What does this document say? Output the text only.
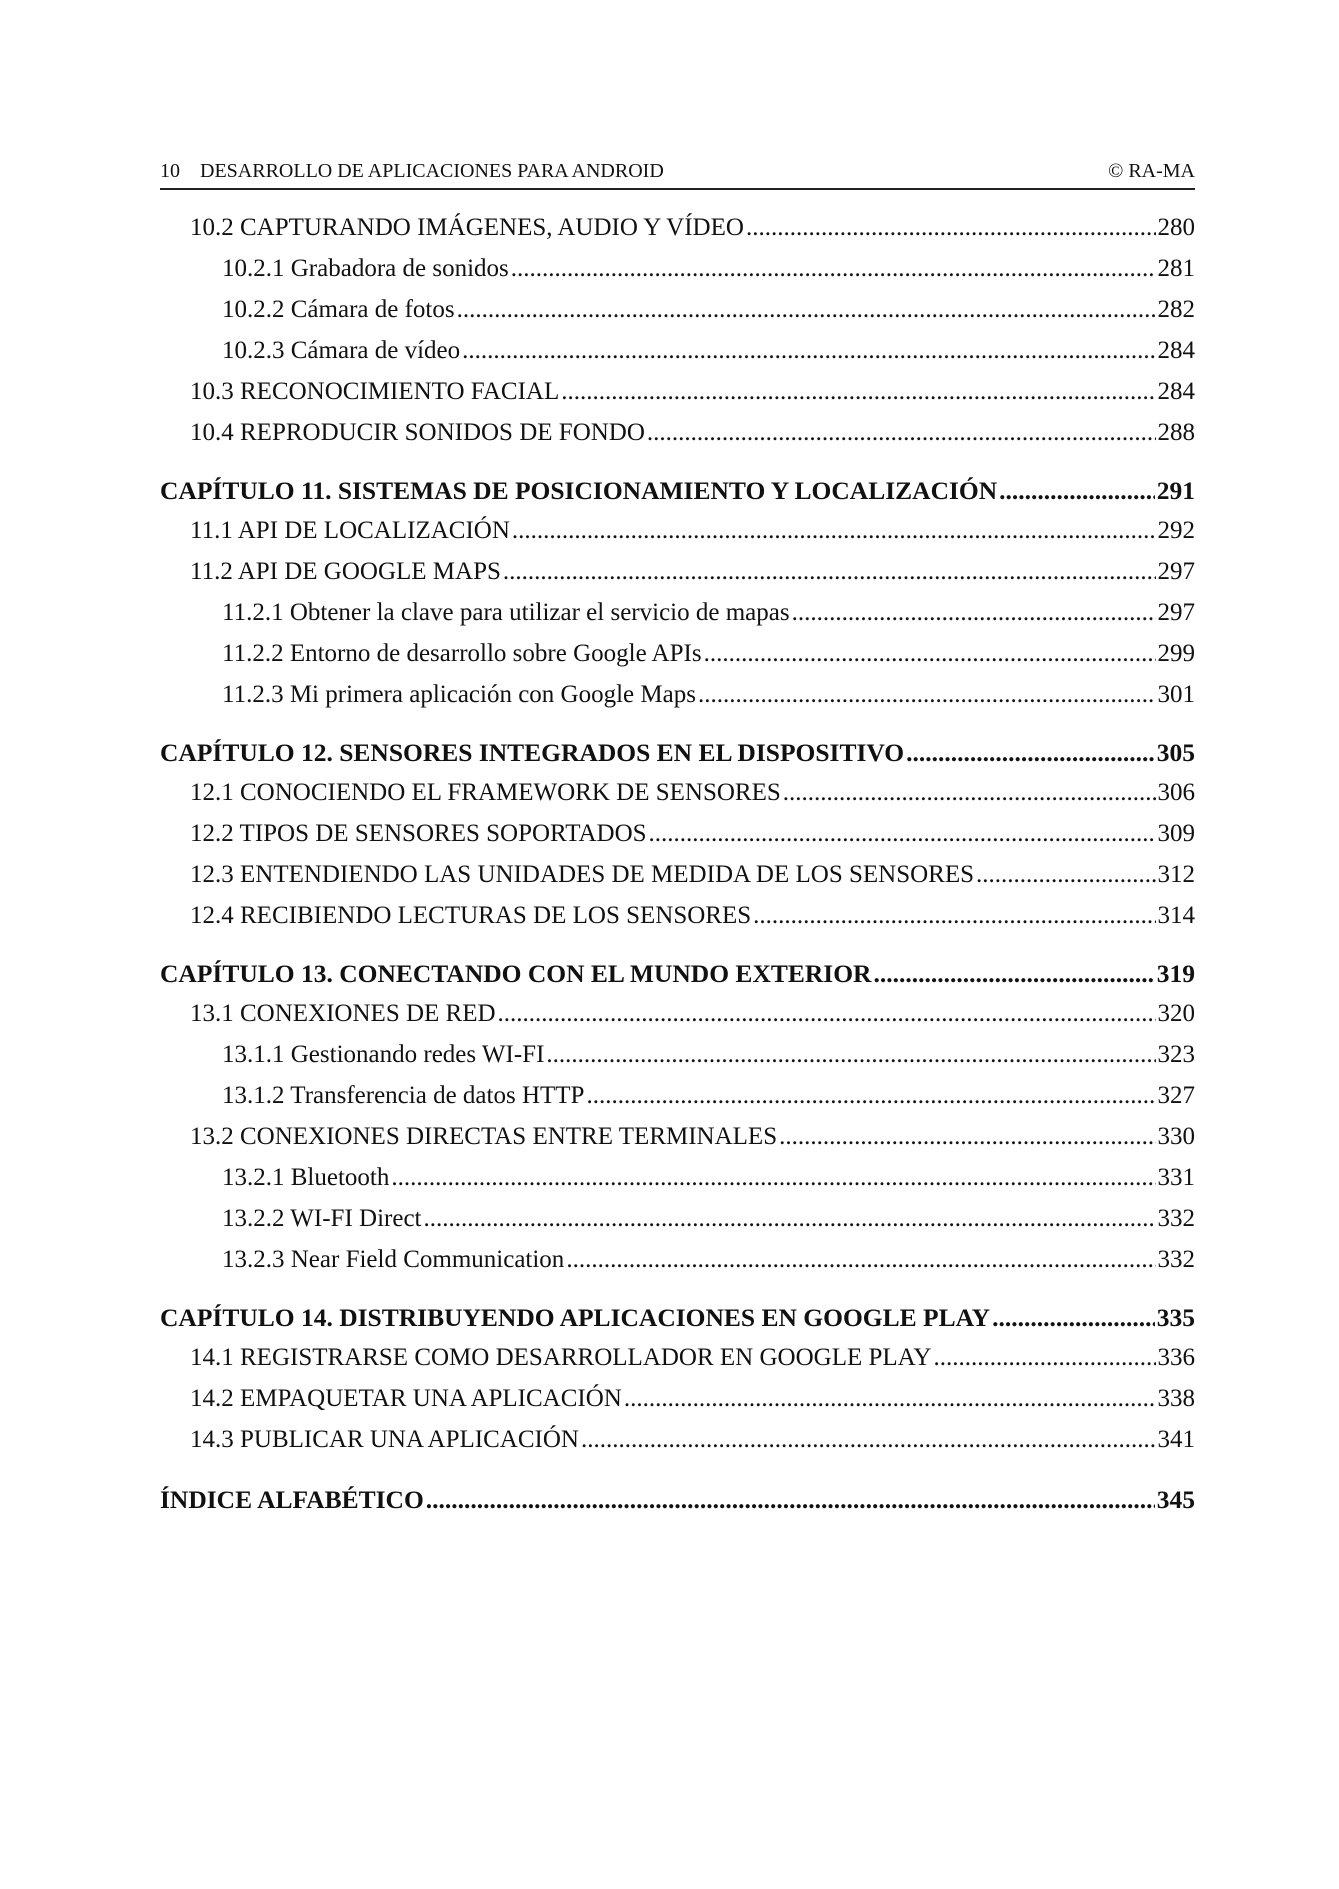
10 DESARROLLO DE APLICACIONES PARA ANDROID	© RA-MA
10.2 CAPTURANDO IMÁGENES, AUDIO Y VÍDEO .....	280
10.2.1 Grabadora de sonidos .....	281
10.2.2 Cámara de fotos .....	282
10.2.3 Cámara de vídeo .....	284
10.3 RECONOCIMIENTO FACIAL .....	284
10.4 REPRODUCIR SONIDOS DE FONDO .....	288
CAPÍTULO 11. SISTEMAS DE POSICIONAMIENTO Y LOCALIZACIÓN .....	291
11.1 API DE LOCALIZACIÓN .....	292
11.2 API DE GOOGLE MAPS .....	297
11.2.1 Obtener la clave para utilizar el servicio de mapas .....	297
11.2.2 Entorno de desarrollo sobre Google APIs .....	299
11.2.3 Mi primera aplicación con Google Maps .....	301
CAPÍTULO 12. SENSORES INTEGRADOS EN EL DISPOSITIVO .....	305
12.1 CONOCIENDO EL FRAMEWORK DE SENSORES .....	306
12.2 TIPOS DE SENSORES SOPORTADOS .....	309
12.3 ENTENDIENDO LAS UNIDADES DE MEDIDA DE LOS SENSORES .....	312
12.4 RECIBIENDO LECTURAS DE LOS SENSORES .....	314
CAPÍTULO 13. CONECTANDO CON EL MUNDO EXTERIOR .....	319
13.1 CONEXIONES DE RED .....	320
13.1.1 Gestionando redes WI-FI .....	323
13.1.2 Transferencia de datos HTTP .....	327
13.2 CONEXIONES DIRECTAS ENTRE TERMINALES .....	330
13.2.1 Bluetooth .....	331
13.2.2 WI-FI Direct .....	332
13.2.3 Near Field Communication .....	332
CAPÍTULO 14. DISTRIBUYENDO APLICACIONES EN GOOGLE PLAY .....	335
14.1 REGISTRARSE COMO DESARROLLADOR EN GOOGLE PLAY .....	336
14.2 EMPAQUETAR UNA APLICACIÓN .....	338
14.3 PUBLICAR UNA APLICACIÓN .....	341
ÍNDICE ALFABÉTICO .....	345
